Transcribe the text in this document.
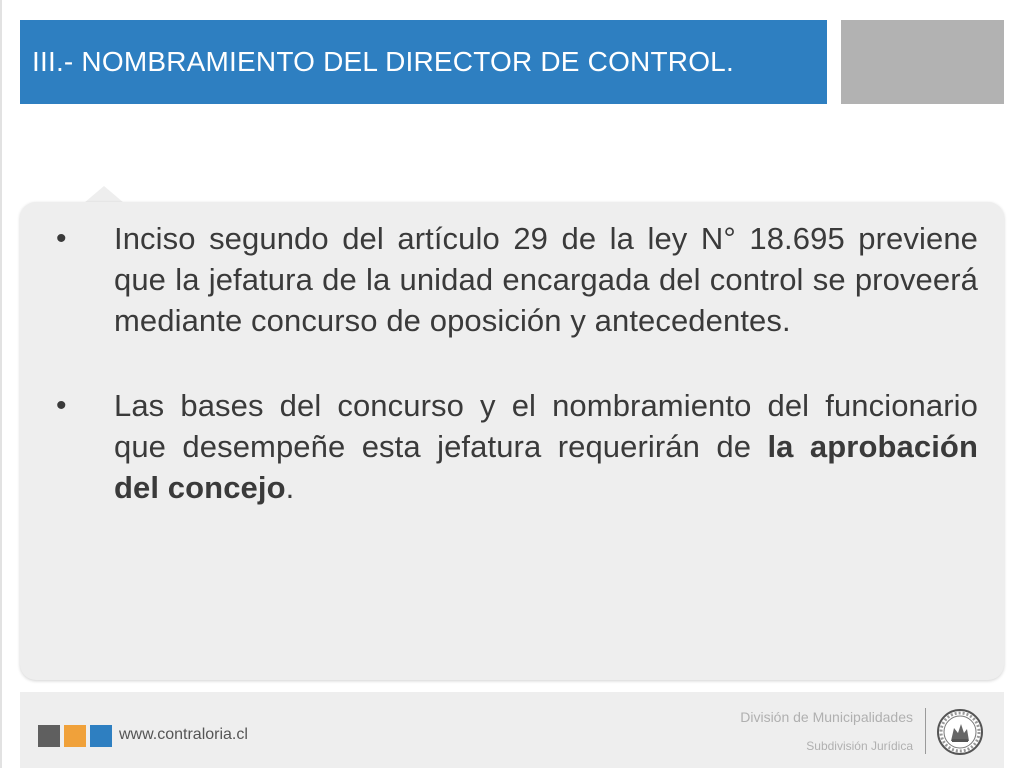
III.- NOMBRAMIENTO DEL DIRECTOR DE CONTROL.
• Inciso segundo del artículo 29 de la ley N° 18.695 previene que la jefatura de la unidad encargada del control se proveerá mediante concurso de oposición y antecedentes.
• Las bases del concurso y el nombramiento del funcionario que desempeñe esta jefatura requerirán de la aprobación del concejo.
www.contraloria.cl
División de Municipalidades
Subdivisión Jurídica
